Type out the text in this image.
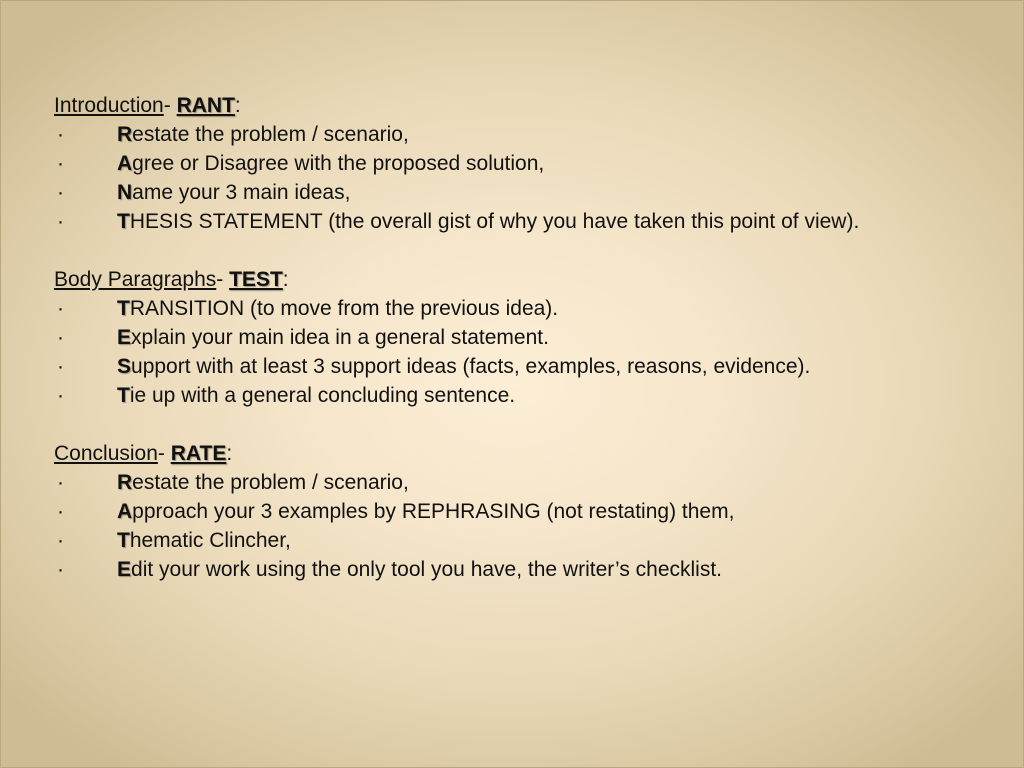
Introduction- RANT:
·	Restate the problem / scenario,
·	Agree or Disagree with the proposed solution,
·	Name your 3 main ideas,
·	THESIS STATEMENT (the overall gist of why you have taken this point of view).
Body Paragraphs- TEST:
·	TRANSITION (to move from the previous idea).
·	Explain your main idea in a general statement.
·	Support with at least 3 support ideas (facts, examples, reasons, evidence).
·	Tie up with a general concluding sentence.
Conclusion- RATE:
·	Restate the problem / scenario,
·	Approach your 3 examples by REPHRASING (not restating) them,
·	Thematic Clincher,
·	Edit your work using the only tool you have, the writer’s checklist.
